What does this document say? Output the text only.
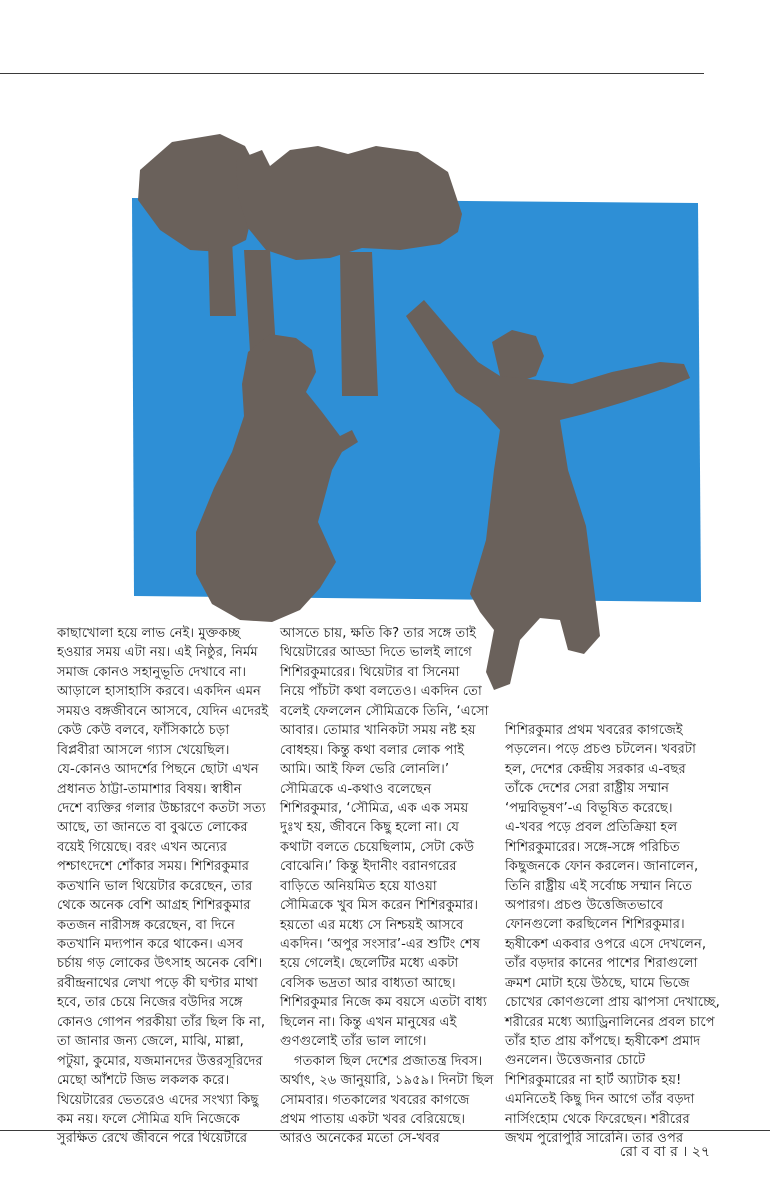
কাছাখোলা হয়ে লাভ নেই। মুক্তকচ্ছ
হওয়ার সময় এটা নয়। এই নিষ্ঠুর, নির্মম
সমাজ কোনও সহানুভূতি দেখাবে না।
আড়ালে হাসাহাসি করবে। একদিন এমন
সময়ও বঙ্গজীবনে আসবে, যেদিন এদেরই
কেউ কেউ বলবে, ফাঁসিকাঠে চড়া
বিপ্লবীরা আসলে গ্যাস খেয়েছিল।
যে-কোনও আদর্শের পিছনে ছোটা এখন
প্রধানত ঠাট্টা-তামাশার বিষয়। স্বাধীন
দেশে ব্যক্তির গলার উচ্চারণে কতটা সত্য
আছে, তা জানতে বা বুঝতে লোকের
বয়েই গিয়েছে। বরং এখন অন্যের
পশ্চাৎদেশে শোঁকার সময়। শিশিরকুমার
কতখানি ভাল থিয়েটার করেছেন, তার
থেকে অনেক বেশি আগ্রহ শিশিরকুমার
কতজন নারীসঙ্গ করেছেন, বা দিনে
কতখানি মদ্যপান করে থাকেন। এসব
চর্চায় গড় লোকের উৎসাহ অনেক বেশি।
রবীন্দ্রনাথের লেখা পড়ে কী ঘণ্টার মাথা
হবে, তার চেয়ে নিজের বউদির সঙ্গে
কোনও গোপন পরকীয়া তাঁর ছিল কি না,
তা জানার জন্য জেলে, মাঝি, মাল্লা,
পটুয়া, কুমোর, যজমানদের উত্তরসূরিদের
মেছো আঁশটে জিভ লকলক করে।
থিয়েটারের ভেতরেও এদের সংখ্যা কিছু
কম নয়। ফলে সৌমিত্র যদি নিজেকে
সুরক্ষিত রেখে জীবনে পরে থিয়েটারে
আসতে চায়, ক্ষতি কি? তার সঙ্গে তাই
থিয়েটারের আড্ডা দিতে ভালই লাগে
শিশিরকুমারের। থিয়েটার বা সিনেমা
নিয়ে পাঁচটা কথা বলতেও। একদিন তো
বলেই ফেললেন সৌমিত্রকে তিনি, ‘এসো
আবার। তোমার খানিকটা সময় নষ্ট হয়
বোধহয়। কিন্তু কথা বলার লোক পাই
আমি। আই ফিল ভেরি লোনলি।’
সৌমিত্রকে এ-কথাও বলেছেন
শিশিরকুমার, ‘সৌমিত্র, এক এক সময়
দুঃখ হয়, জীবনে কিছু হলো না। যে
কথাটা বলতে চেয়েছিলাম, সেটা কেউ
বোঝেনি।’ কিন্তু ইদানীং বরানগরের
বাড়িতে অনিয়মিত হয়ে যাওয়া
সৌমিত্রকে খুব মিস করেন শিশিরকুমার।
হয়তো এর মধ্যে সে নিশ্চয়ই আসবে
একদিন। ‘অপুর সংসার’-এর শুটিং শেষ
হয়ে গেলেই। ছেলেটির মধ্যে একটা
বেসিক ভদ্রতা আর বাধ্যতা আছে।
শিশিরকুমার নিজে কম বয়সে এতটা বাধ্য
ছিলেন না। কিন্তু এখন মানুষের এই
গুণগুলোই তাঁর ভাল লাগে।
গতকাল ছিল দেশের প্রজাতন্ত্র দিবস।
অর্থাৎ, ২৬ জানুয়ারি, ১৯৫৯। দিনটা ছিল
সোমবার। গতকালের খবরের কাগজে
প্রথম পাতায় একটা খবর বেরিয়েছে।
আরও অনেকের মতো সে-খবর
শিশিরকুমার প্রথম খবরের কাগজেই
পড়লেন। পড়ে প্রচণ্ড চটলেন। খবরটা
হল, দেশের কেন্দ্রীয় সরকার এ-বছর
তাঁকে দেশের সেরা রাষ্ট্রীয় সম্মান
‘পদ্মবিভূষণ’-এ বিভূষিত করেছে।
এ-খবর পড়ে প্রবল প্রতিক্রিয়া হল
শিশিরকুমারের। সঙ্গে-সঙ্গে পরিচিত
কিছুজনকে ফোন করলেন। জানালেন,
তিনি রাষ্ট্রীয় এই সর্বোচ্চ সম্মান নিতে
অপারগ। প্রচণ্ড উত্তেজিতভাবে
ফোনগুলো করছিলেন শিশিরকুমার।
হৃষীকেশ একবার ওপরে এসে দেখলেন,
তাঁর বড়দার কানের পাশের শিরাগুলো
ক্রমশ মোটা হয়ে উঠছে, ঘামে ভিজে
চোখের কোণগুলো প্রায় ঝাপসা দেখাচ্ছে,
শরীরের মধ্যে অ্যাড্রিনালিনের প্রবল চাপে
তাঁর হাত প্রায় কাঁপছে। হৃষীকেশ প্রমাদ
গুনলেন। উত্তেজনার চোটে
শিশিরকুমারের না হার্ট অ্যাটাক হয়!
এমনিতেই কিছু দিন আগে তাঁর বড়দা
নার্সিংহোম থেকে ফিরেছেন। শরীরের
জখম পুরোপুরি সারেনি। তার ওপর
রো ব বা র । ২৭
